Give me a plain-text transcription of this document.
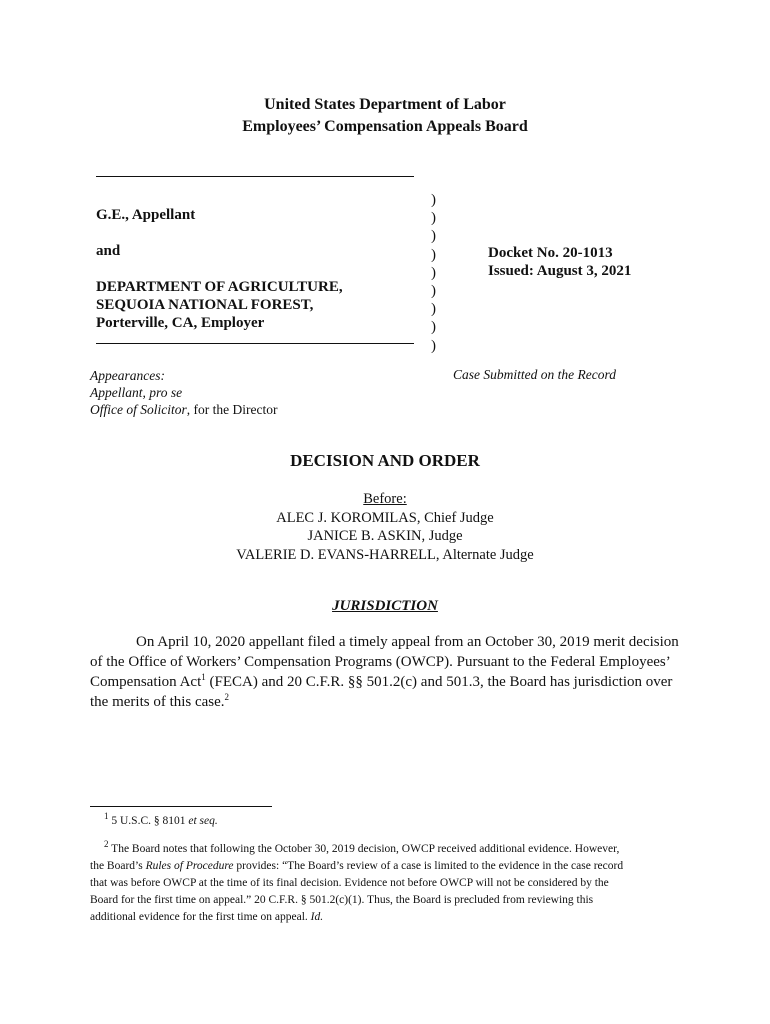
United States Department of Labor
Employees’ Compensation Appeals Board
G.E., Appellant
and
DEPARTMENT OF AGRICULTURE,
SEQUOIA NATIONAL FOREST,
Porterville, CA, Employer
)
)
)
)
)
)
)
)
)
Docket No. 20-1013
Issued: August 3, 2021
Appearances:
Appellant, pro se
Office of Solicitor, for the Director
Case Submitted on the Record
DECISION AND ORDER
Before:
ALEC J. KOROMILAS, Chief Judge
JANICE B. ASKIN, Judge
VALERIE D. EVANS-HARRELL, Alternate Judge
JURISDICTION
On April 10, 2020 appellant filed a timely appeal from an October 30, 2019 merit decision
of the Office of Workers’ Compensation Programs (OWCP). Pursuant to the Federal Employees’
Compensation Act$^1$ (FECA) and 20 C.F.R. §§ 501.2(c) and 501.3, the Board has jurisdiction over
the merits of this case.$^2$
$^1$ 5 U.S.C. § 8101 et seq.
$^2$ The Board notes that following the October 30, 2019 decision, OWCP received additional evidence. However,
the Board’s Rules of Procedure provides: “The Board’s review of a case is limited to the evidence in the case record
that was before OWCP at the time of its final decision. Evidence not before OWCP will not be considered by the
Board for the first time on appeal.” 20 C.F.R. § 501.2(c)(1). Thus, the Board is precluded from reviewing this
additional evidence for the first time on appeal. Id.
